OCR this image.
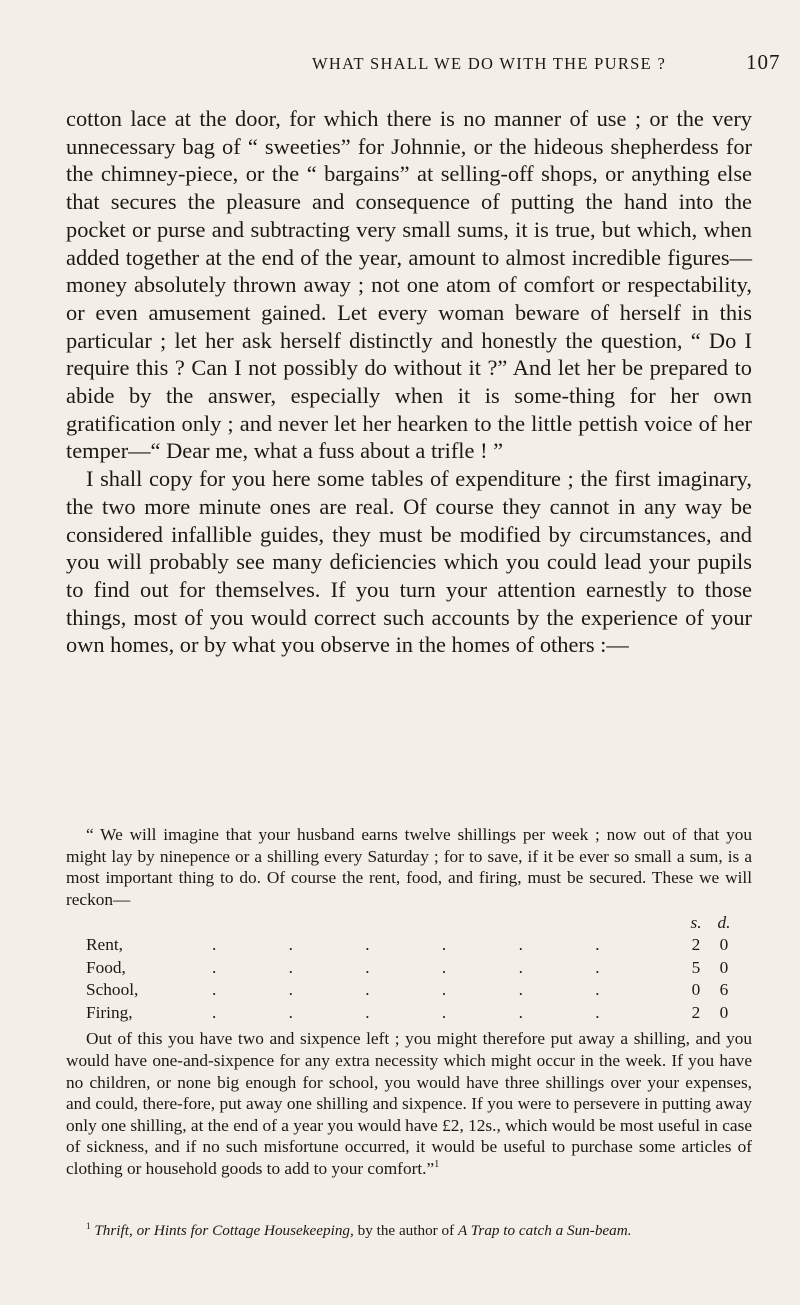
WHAT SHALL WE DO WITH THE PURSE ?	107

cotton lace at the door, for which there is no manner of use ; or the very unnecessary bag of “ sweeties” for Johnnie, or the hideous shepherdess for the chimney-piece, or the “ bargains” at selling-off shops, or anything else that secures the pleasure and consequence of putting the hand into the pocket or purse and subtracting very small sums, it is true, but which, when added together at the end of the year, amount to almost incredible figures—money absolutely thrown away ; not one atom of comfort or respectability, or even amusement gained. Let every woman beware of herself in this particular ; let her ask herself distinctly and honestly the question, “ Do I require this ? Can I not possibly do without it ?” And let her be prepared to abide by the answer, especially when it is some-thing for her own gratification only ; and never let her hearken to the little pettish voice of her temper—“ Dear me, what a fuss about a trifle ! ”

I shall copy for you here some tables of expenditure ; the first imaginary, the two more minute ones are real. Of course they cannot in any way be considered infallible guides, they must be modified by circumstances, and you will probably see many deficiencies which you could lead your pupils to find out for themselves. If you turn your attention earnestly to those things, most of you would correct such accounts by the experience of your own homes, or by what you observe in the homes of others :—

“ We will imagine that your husband earns twelve shillings per week ; now out of that you might lay by ninepence or a shilling every Saturday ; for to save, if it be ever so small a sum, is a most important thing to do. Of course the rent, food, and firing, must be secured. These we will reckon—

s. d.
Rent,	. . . . . .	2 0
Food,	. . . . . .	5 0
School,	. . . . . .	0 6
Firing,	. . . . . .	2 0

Out of this you have two and sixpence left ; you might therefore put away a shilling, and you would have one-and-sixpence for any extra necessity which might occur in the week. If you have no children, or none big enough for school, you would have three shillings over your expenses, and could, there-fore, put away one shilling and sixpence. If you were to persevere in putting away only one shilling, at the end of a year you would have £2, 12s., which would be most useful in case of sickness, and if no such misfortune occurred, it would be useful to purchase some articles of clothing or household goods to add to your comfort.”$^1$

$^1$ Thrift, or Hints for Cottage Housekeeping, by the author of A Trap to catch a Sun-beam.
